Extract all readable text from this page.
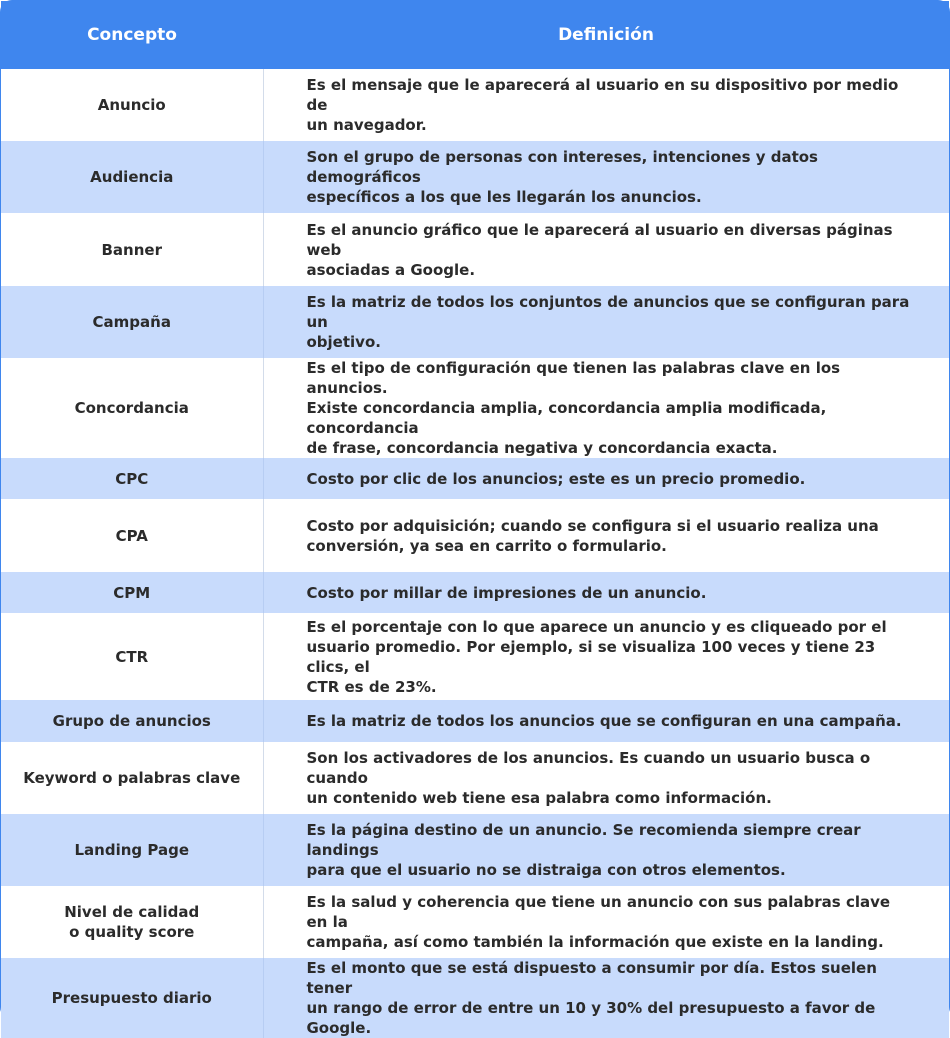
Concepto	Definición

Anuncio	Es el mensaje que le aparecerá al usuario en su dispositivo por medio de
un navegador.

Audiencia	Son el grupo de personas con intereses, intenciones y datos demográficos
específicos a los que les llegarán los anuncios.

Banner	Es el anuncio gráfico que le aparecerá al usuario en diversas páginas web
asociadas a Google.

Campaña	Es la matriz de todos los conjuntos de anuncios que se configuran para un
objetivo.

Concordancia	Es el tipo de configuración que tienen las palabras clave en los anuncios.
Existe concordancia amplia, concordancia amplia modificada, concordancia
de frase, concordancia negativa y concordancia exacta.

CPC	Costo por clic de los anuncios; este es un precio promedio.

CPA	Costo por adquisición; cuando se configura si el usuario realiza una
conversión, ya sea en carrito o formulario.

CPM	Costo por millar de impresiones de un anuncio.

CTR	Es el porcentaje con lo que aparece un anuncio y es cliqueado por el
usuario promedio. Por ejemplo, si se visualiza 100 veces y tiene 23 clics, el
CTR es de 23%.

Grupo de anuncios	Es la matriz de todos los anuncios que se configuran en una campaña.

Keyword o palabras clave	Son los activadores de los anuncios. Es cuando un usuario busca o cuando
un contenido web tiene esa palabra como información.

Landing Page	Es la página destino de un anuncio. Se recomienda siempre crear landings
para que el usuario no se distraiga con otros elementos.

Nivel de calidad
o quality score	Es la salud y coherencia que tiene un anuncio con sus palabras clave en la
campaña, así como también la información que existe en la landing.

Presupuesto diario	Es el monto que se está dispuesto a consumir por día. Estos suelen tener
un rango de error de entre un 10 y 30% del presupuesto a favor de Google.
